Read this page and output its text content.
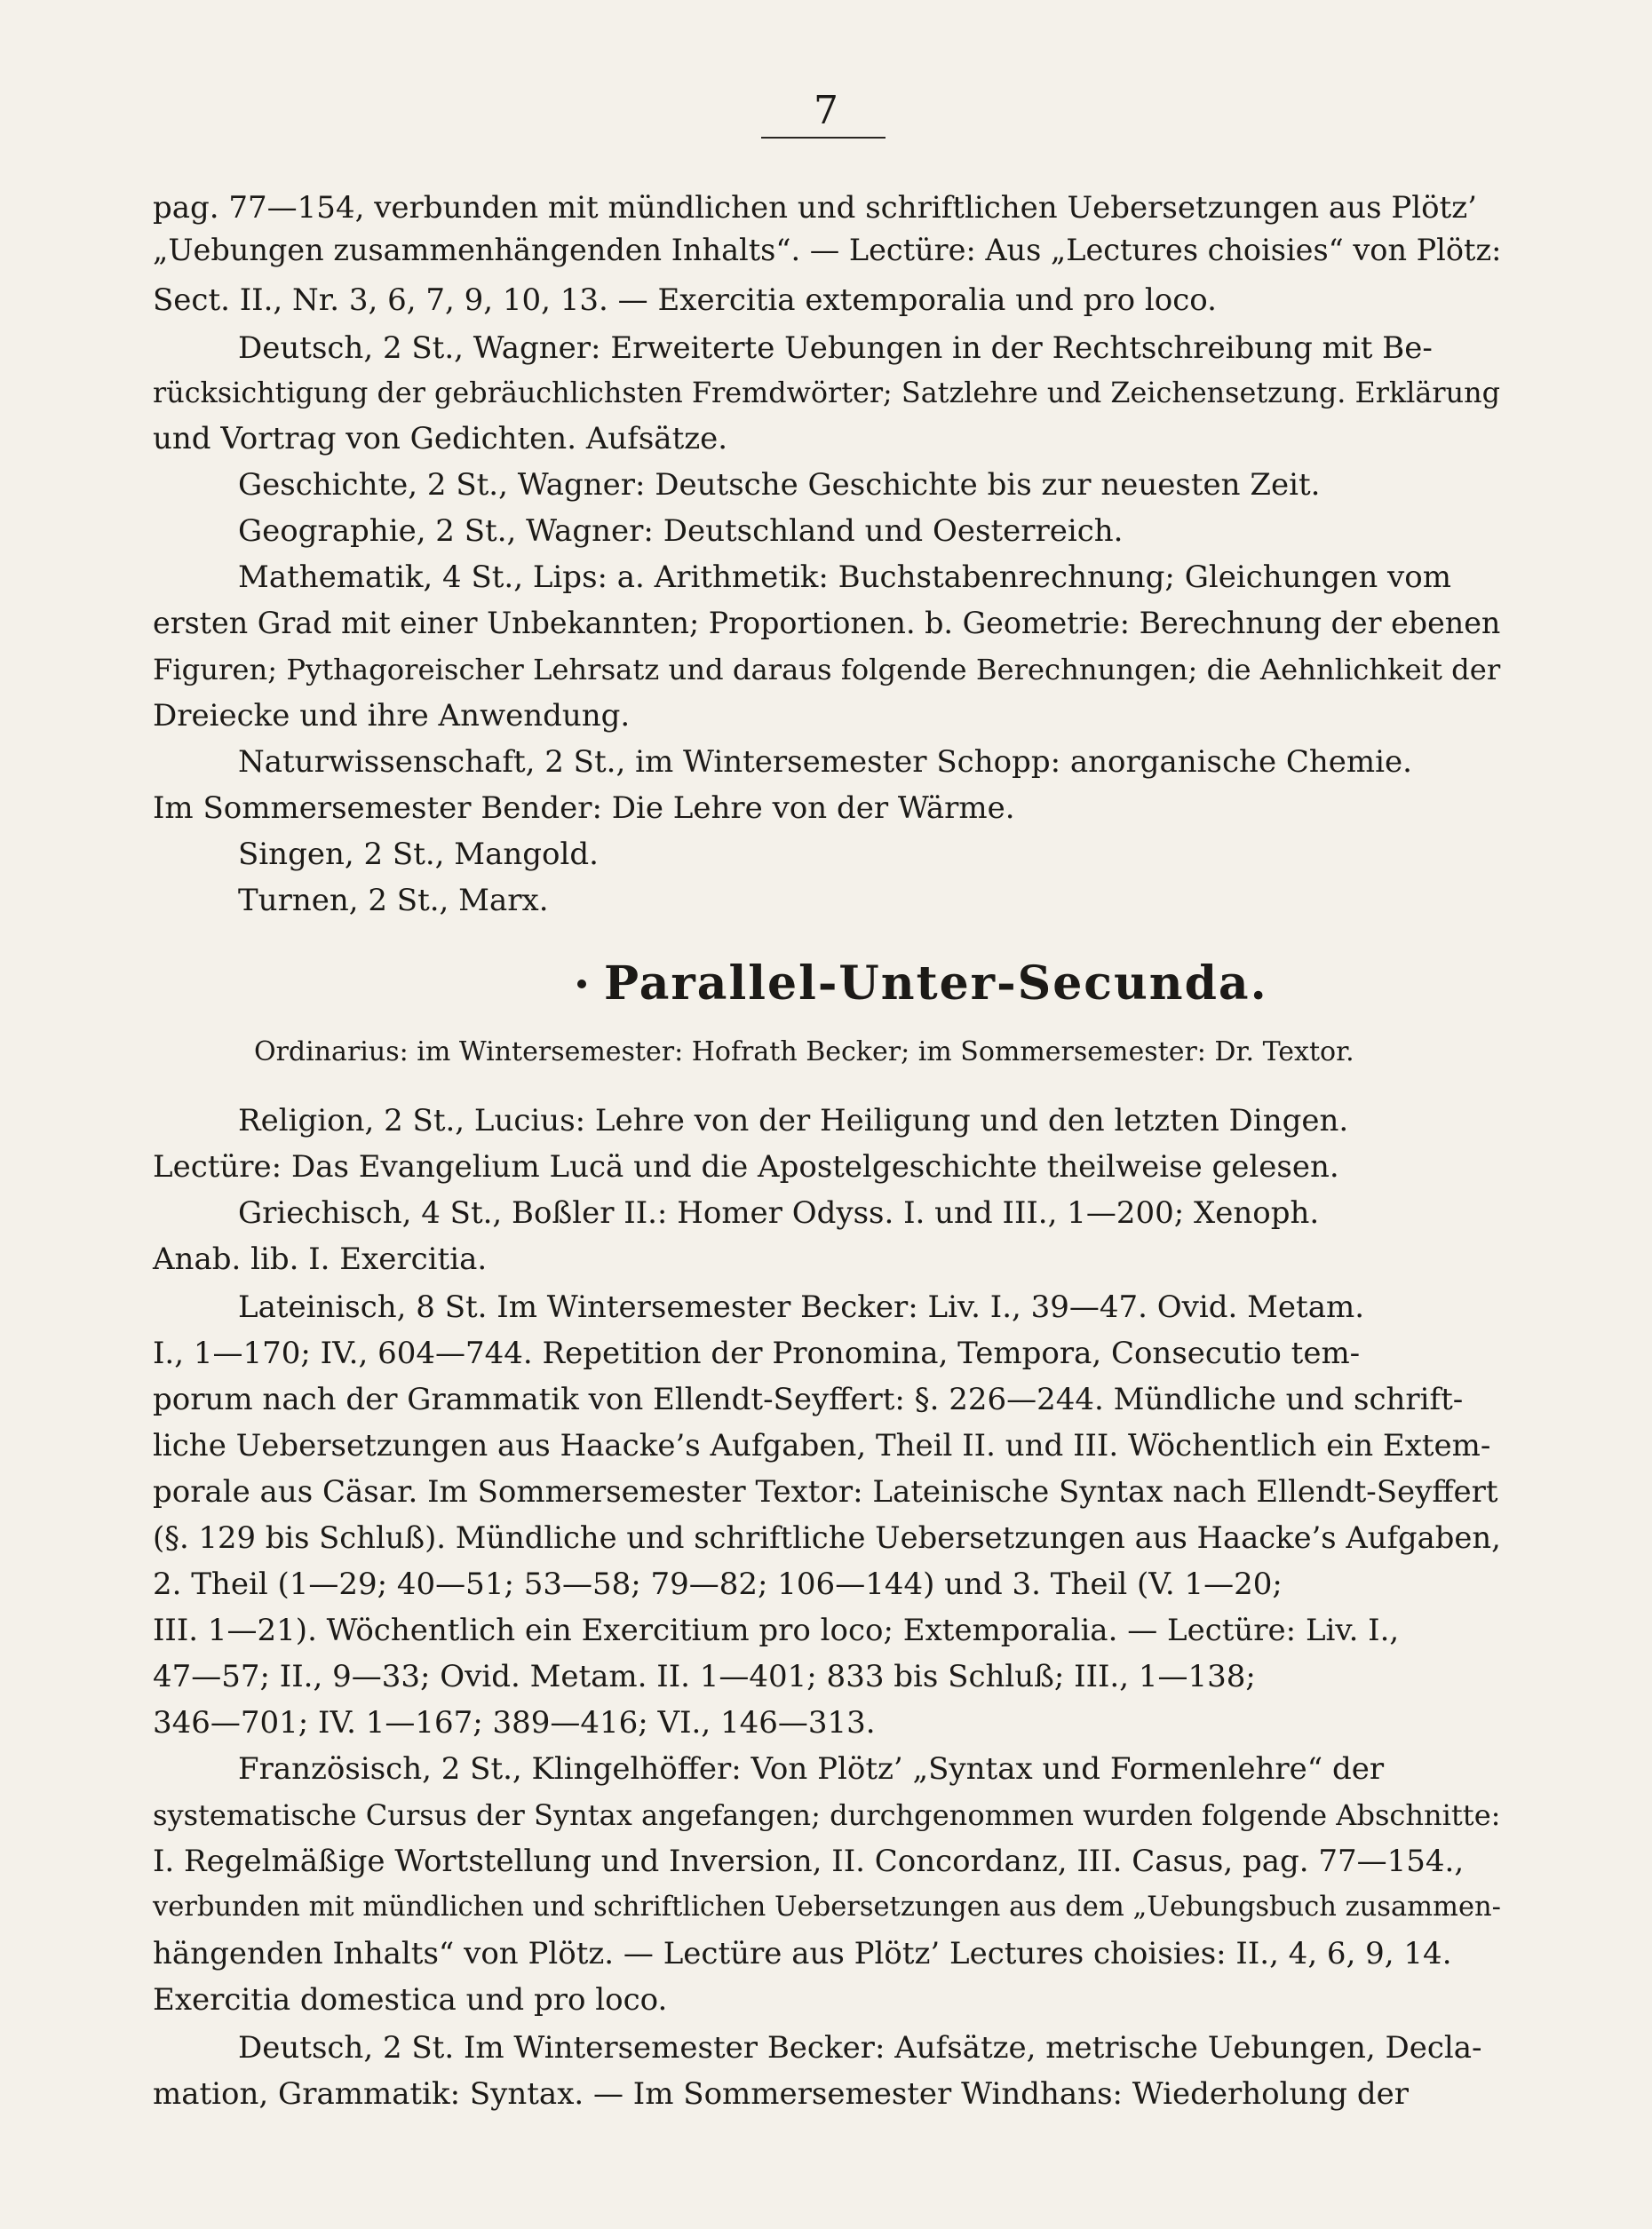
7
pag. 77—154, verbunden mit mündlichen und schriftlichen Uebersetzungen aus Plötz’
„Uebungen zusammenhängenden Inhalts“. — Lectüre: Aus „Lectures choisies“ von Plötz:
Sect. II., Nr. 3, 6, 7, 9, 10, 13. — Exercitia extemporalia und pro loco.
Deutsch, 2 St., Wagner: Erweiterte Uebungen in der Rechtschreibung mit Be-
rücksichtigung der gebräuchlichsten Fremdwörter; Satzlehre und Zeichensetzung. Erklärung
und Vortrag von Gedichten. Aufsätze.
Geschichte, 2 St., Wagner: Deutsche Geschichte bis zur neuesten Zeit.
Geographie, 2 St., Wagner: Deutschland und Oesterreich.
Mathematik, 4 St., Lips: a. Arithmetik: Buchstabenrechnung; Gleichungen vom
ersten Grad mit einer Unbekannten; Proportionen. b. Geometrie: Berechnung der ebenen
Figuren; Pythagoreischer Lehrsatz und daraus folgende Berechnungen; die Aehnlichkeit der
Dreiecke und ihre Anwendung.
Naturwissenschaft, 2 St., im Wintersemester Schopp: anorganische Chemie.
Im Sommersemester Bender: Die Lehre von der Wärme.
Singen, 2 St., Mangold.
Turnen, 2 St., Marx.
Parallel-Unter-Secunda.
Ordinarius: im Wintersemester: Hofrath Becker; im Sommersemester: Dr. Textor.
Religion, 2 St., Lucius: Lehre von der Heiligung und den letzten Dingen.
Lectüre: Das Evangelium Lucä und die Apostelgeschichte theilweise gelesen.
Griechisch, 4 St., Boßler II.: Homer Odyss. I. und III., 1—200; Xenoph.
Anab. lib. I. Exercitia.
Lateinisch, 8 St. Im Wintersemester Becker: Liv. I., 39—47. Ovid. Metam.
I., 1—170; IV., 604—744. Repetition der Pronomina, Tempora, Consecutio tem-
porum nach der Grammatik von Ellendt-Seyffert: §. 226—244. Mündliche und schrift-
liche Uebersetzungen aus Haacke’s Aufgaben, Theil II. und III. Wöchentlich ein Extem-
porale aus Cäsar. Im Sommersemester Textor: Lateinische Syntax nach Ellendt-Seyffert
(§. 129 bis Schluß). Mündliche und schriftliche Uebersetzungen aus Haacke’s Aufgaben,
2. Theil (1—29; 40—51; 53—58; 79—82; 106—144) und 3. Theil (V. 1—20;
III. 1—21). Wöchentlich ein Exercitium pro loco; Extemporalia. — Lectüre: Liv. I.,
47—57; II., 9—33; Ovid. Metam. II. 1—401; 833 bis Schluß; III., 1—138;
346—701; IV. 1—167; 389—416; VI., 146—313.
Französisch, 2 St., Klingelhöffer: Von Plötz’ „Syntax und Formenlehre“ der
systematische Cursus der Syntax angefangen; durchgenommen wurden folgende Abschnitte:
I. Regelmäßige Wortstellung und Inversion, II. Concordanz, III. Casus, pag. 77—154.,
verbunden mit mündlichen und schriftlichen Uebersetzungen aus dem „Uebungsbuch zusammen-
hängenden Inhalts“ von Plötz. — Lectüre aus Plötz’ Lectures choisies: II., 4, 6, 9, 14.
Exercitia domestica und pro loco.
Deutsch, 2 St. Im Wintersemester Becker: Aufsätze, metrische Uebungen, Decla-
mation, Grammatik: Syntax. — Im Sommersemester Windhans: Wiederholung der
